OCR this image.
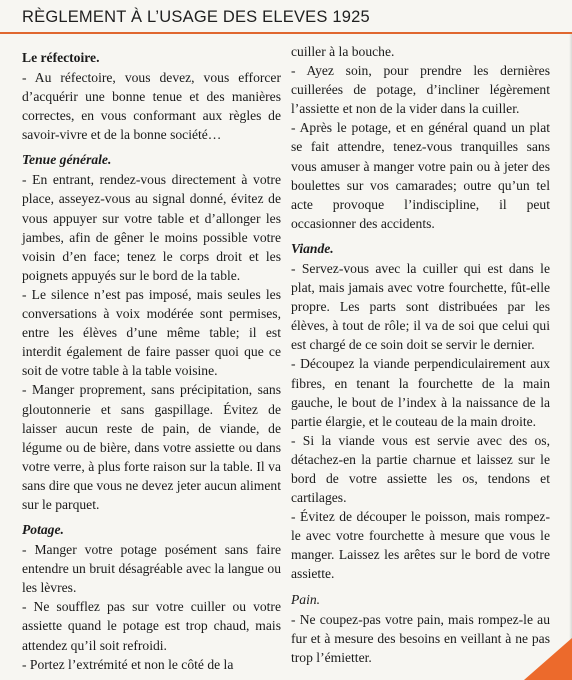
RÈGLEMENT À L’USAGE DES ELEVES 1925
Le réfectoire.

- Au réfectoire, vous devez, vous efforcer d’acquérir une bonne tenue et des manières correctes, en vous conformant aux règles de savoir-vivre et de la bonne société…

Tenue générale.

- En entrant, rendez-vous directement à votre place, asseyez-vous au signal donné, évitez de vous appuyer sur votre table et d’allonger les jambes, afin de gêner le moins possible votre voisin d’en face; tenez le corps droit et les poignets appuyés sur le bord de la table.

- Le silence n’est pas imposé, mais seules les conversations à voix modérée sont permises, entre les élèves d’une même table; il est interdit également de faire passer quoi que ce soit de votre table à la table voisine.

- Manger proprement, sans précipitation, sans gloutonnerie et sans gaspillage. Évitez de laisser aucun reste de pain, de viande, de légume ou de bière, dans votre assiette ou dans votre verre, à plus forte raison sur la table. Il va sans dire que vous ne devez jeter aucun aliment sur le parquet.

Potage.

- Manger votre potage posément sans faire entendre un bruit désagréable avec la langue ou les lèvres.

- Ne soufflez pas sur votre cuiller ou votre assiette quand le potage est trop chaud, mais attendez qu’il soit refroidi.

- Portez l’extrémité et non le côté de la

cuiller à la bouche.

- Ayez soin, pour prendre les dernières cuillerées de potage, d’incliner légèrement l’assiette et non de la vider dans la cuiller.

- Après le potage, et en général quand un plat se fait attendre, tenez-vous tranquilles sans vous amuser à manger votre pain ou à jeter des boulettes sur vos camarades; outre qu’un tel acte provoque l’indiscipline, il peut occasionner des accidents.

Viande.

- Servez-vous avec la cuiller qui est dans le plat, mais jamais avec votre fourchette, fût-elle propre. Les parts sont distribuées par les élèves, à tout de rôle; il va de soi que celui qui est chargé de ce soin doit se servir le dernier.

- Découpez la viande perpendiculairement aux fibres, en tenant la fourchette de la main gauche, le bout de l’index à la naissance de la partie élargie, et le couteau de la main droite.

- Si la viande vous est servie avec des os, détachez-en la partie charnue et laissez sur le bord de votre assiette les os, tendons et cartilages.

- Évitez de découper le poisson, mais rompez-le avec votre fourchette à mesure que vous le manger. Laissez les arêtes sur le bord de votre assiette.

Pain.

- Ne coupez-pas votre pain, mais rompez-le au fur et à mesure des besoins en veillant à ne pas trop l’émietter.
